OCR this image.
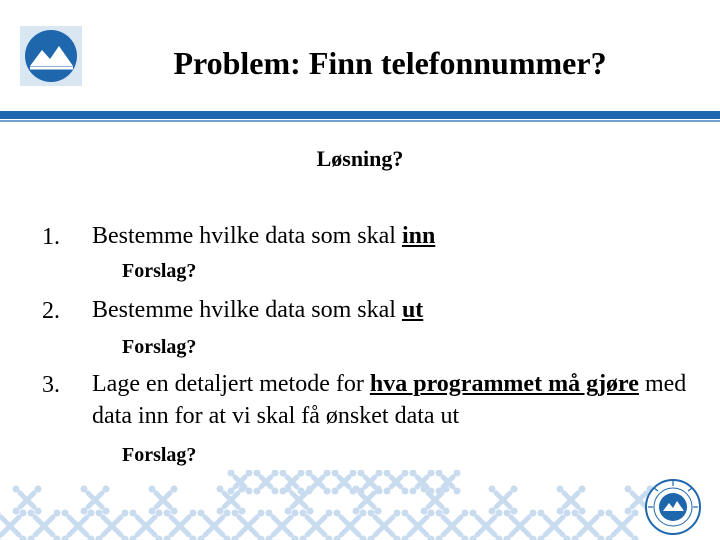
Problem: Finn telefonnummer?
Løsning?
1. Bestemme hvilke data som skal inn
Forslag?
2. Bestemme hvilke data som skal ut
Forslag?
3. Lage en detaljert metode for hva programmet må gjøre med data inn for at vi skal få ønsket data ut
Forslag?
